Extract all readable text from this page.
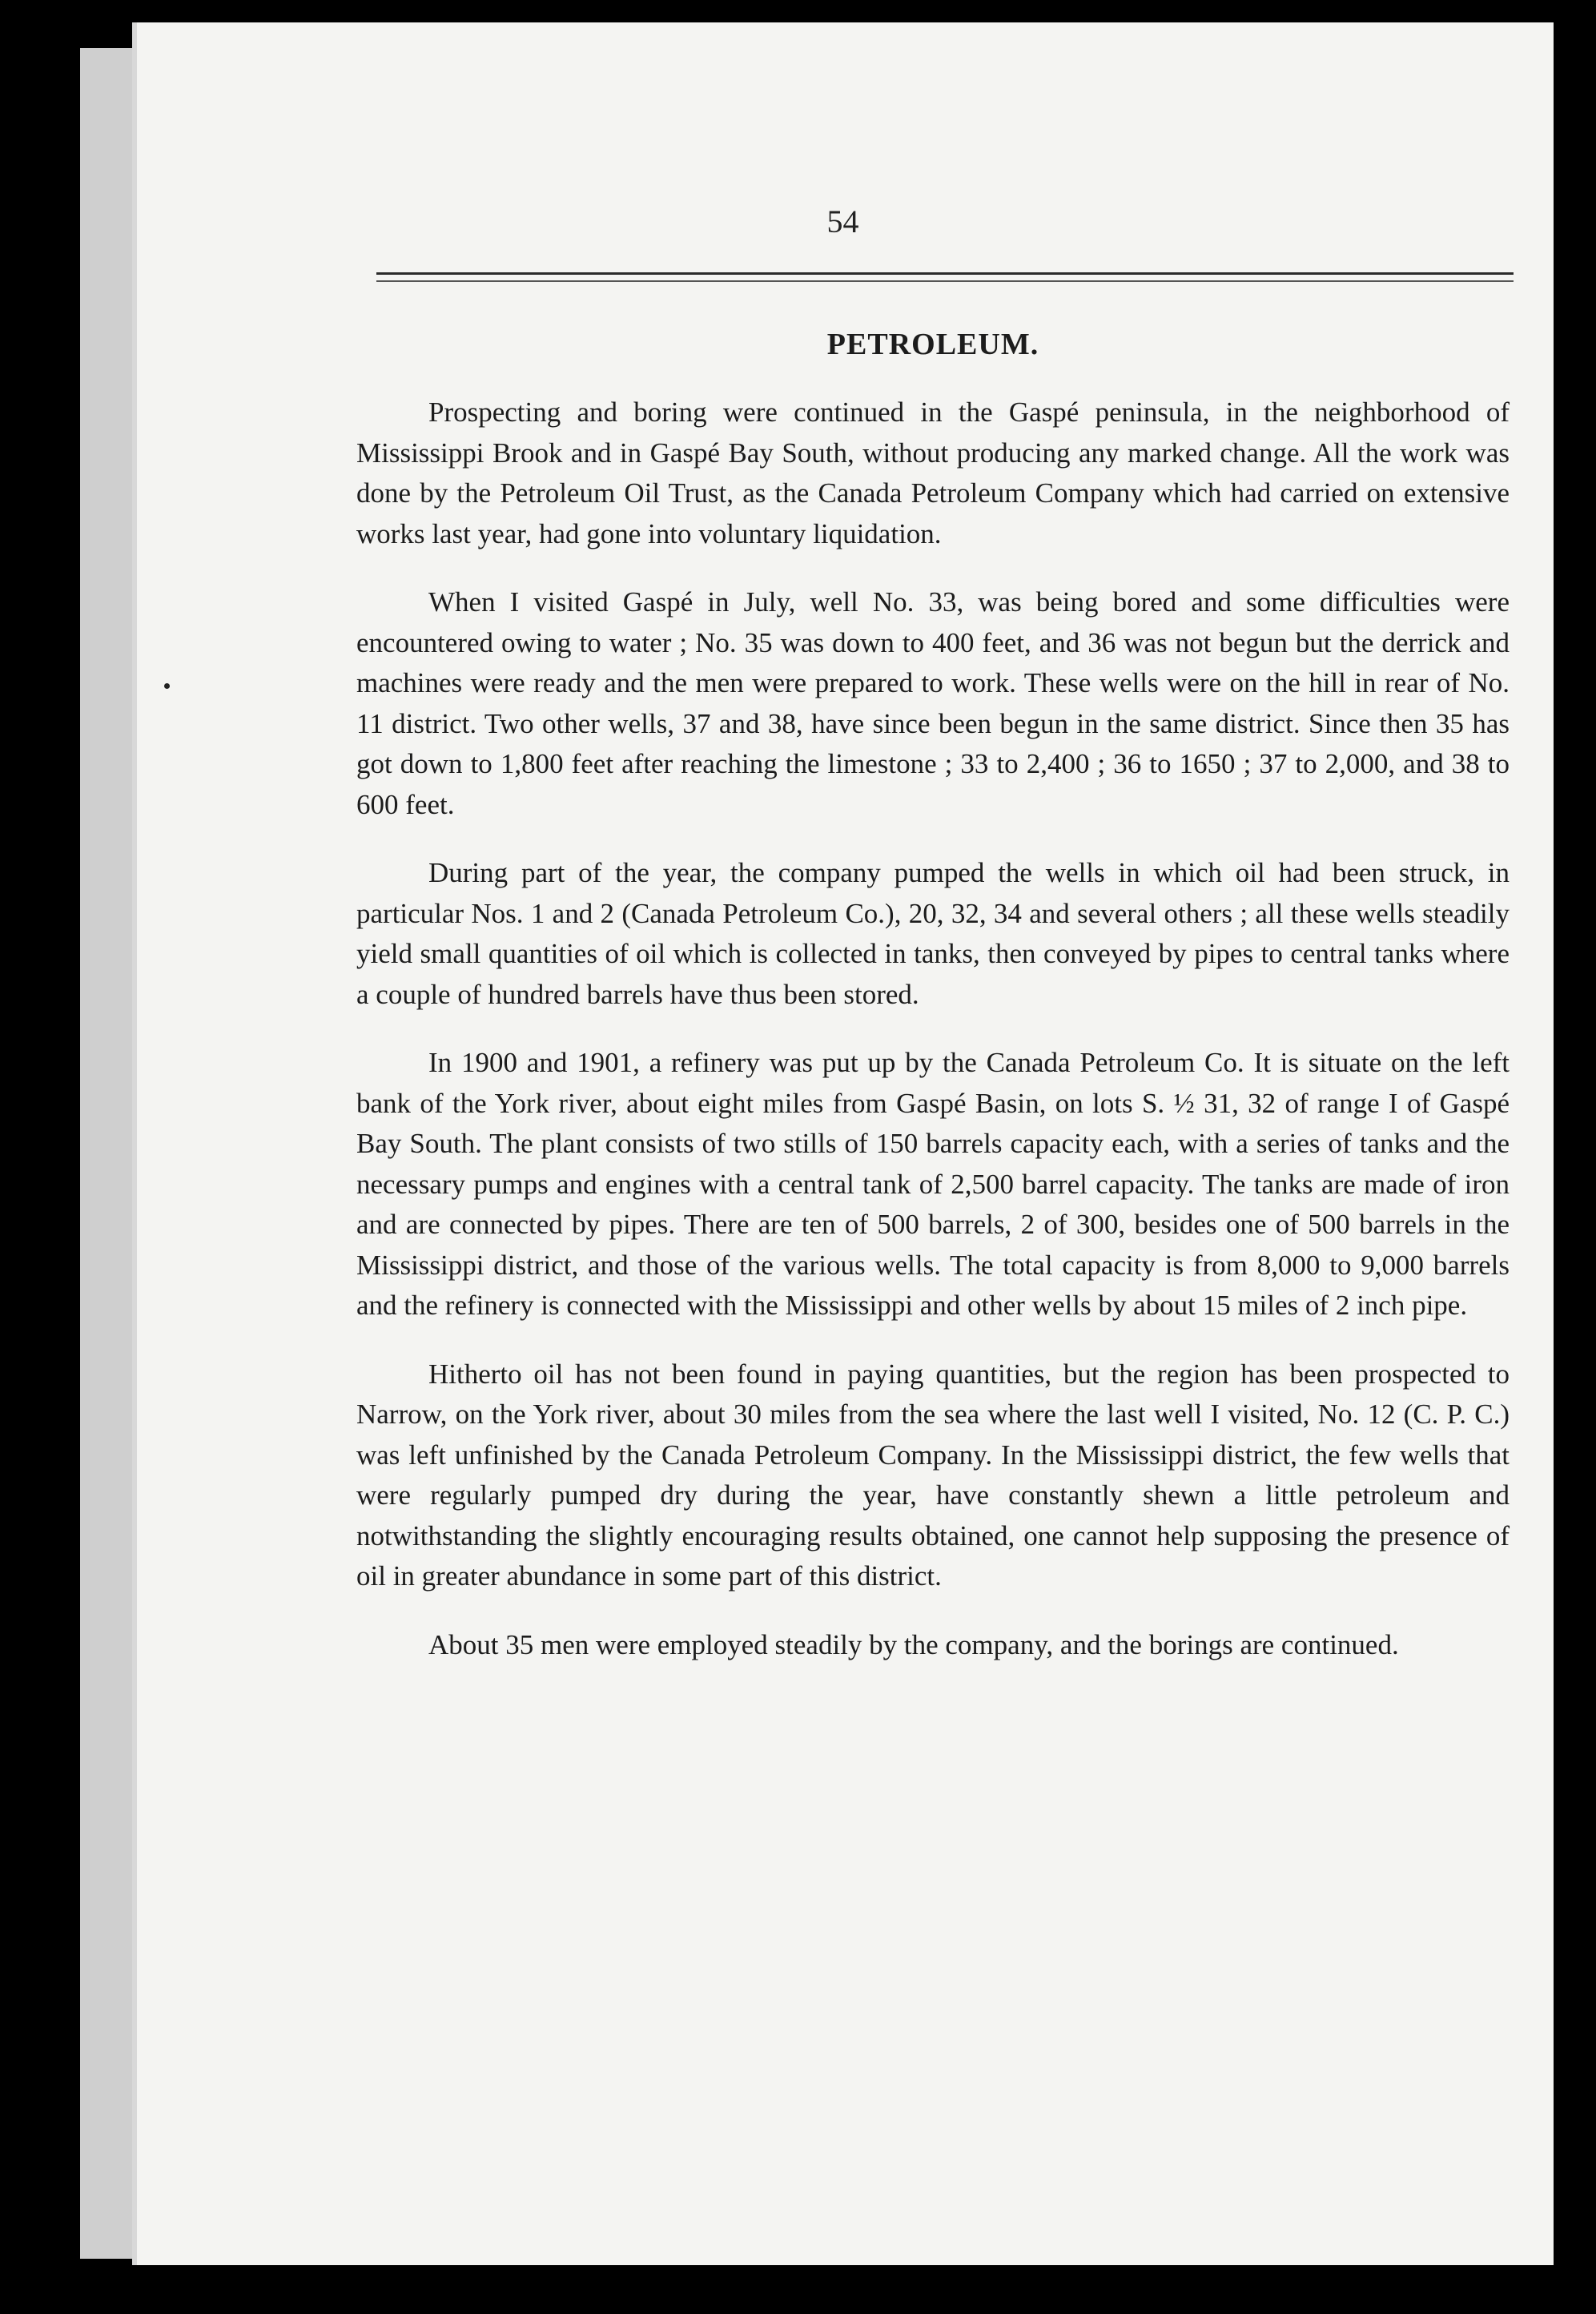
54
PETROLEUM.

Prospecting and boring were continued in the Gaspé peninsula, in the neighborhood of Mississippi Brook and in Gaspé Bay South, without producing any marked change. All the work was done by the Petroleum Oil Trust, as the Canada Petroleum Company which had carried on extensive works last year, had gone into voluntary liquidation.

When I visited Gaspé in July, well No. 33, was being bored and some difficulties were encountered owing to water ; No. 35 was down to 400 feet, and 36 was not begun but the derrick and machines were ready and the men were prepared to work. These wells were on the hill in rear of No. 11 district. Two other wells, 37 and 38, have since been begun in the same district. Since then 35 has got down to 1,800 feet after reaching the limestone ; 33 to 2,400 ; 36 to 1650 ; 37 to 2,000, and 38 to 600 feet.

During part of the year, the company pumped the wells in which oil had been struck, in particular Nos. 1 and 2 (Canada Petroleum Co.), 20, 32, 34 and several others ; all these wells steadily yield small quantities of oil which is collected in tanks, then conveyed by pipes to central tanks where a couple of hundred barrels have thus been stored.

In 1900 and 1901, a refinery was put up by the Canada Petroleum Co. It is situate on the left bank of the York river, about eight miles from Gaspé Basin, on lots S. ½ 31, 32 of range I of Gaspé Bay South. The plant consists of two stills of 150 barrels capacity each, with a series of tanks and the necessary pumps and engines with a central tank of 2,500 barrel capacity. The tanks are made of iron and are connected by pipes. There are ten of 500 barrels, 2 of 300, besides one of 500 barrels in the Mississippi district, and those of the various wells. The total capacity is from 8,000 to 9,000 barrels and the refinery is connected with the Mississippi and other wells by about 15 miles of 2 inch pipe.

Hitherto oil has not been found in paying quantities, but the region has been prospected to Narrow, on the York river, about 30 miles from the sea where the last well I visited, No. 12 (C. P. C.) was left unfinished by the Canada Petroleum Company. In the Mississippi district, the few wells that were regularly pumped dry during the year, have constantly shewn a little petroleum and notwithstanding the slightly encouraging results obtained, one cannot help supposing the presence of oil in greater abundance in some part of this district.

About 35 men were employed steadily by the company, and the borings are continued.
